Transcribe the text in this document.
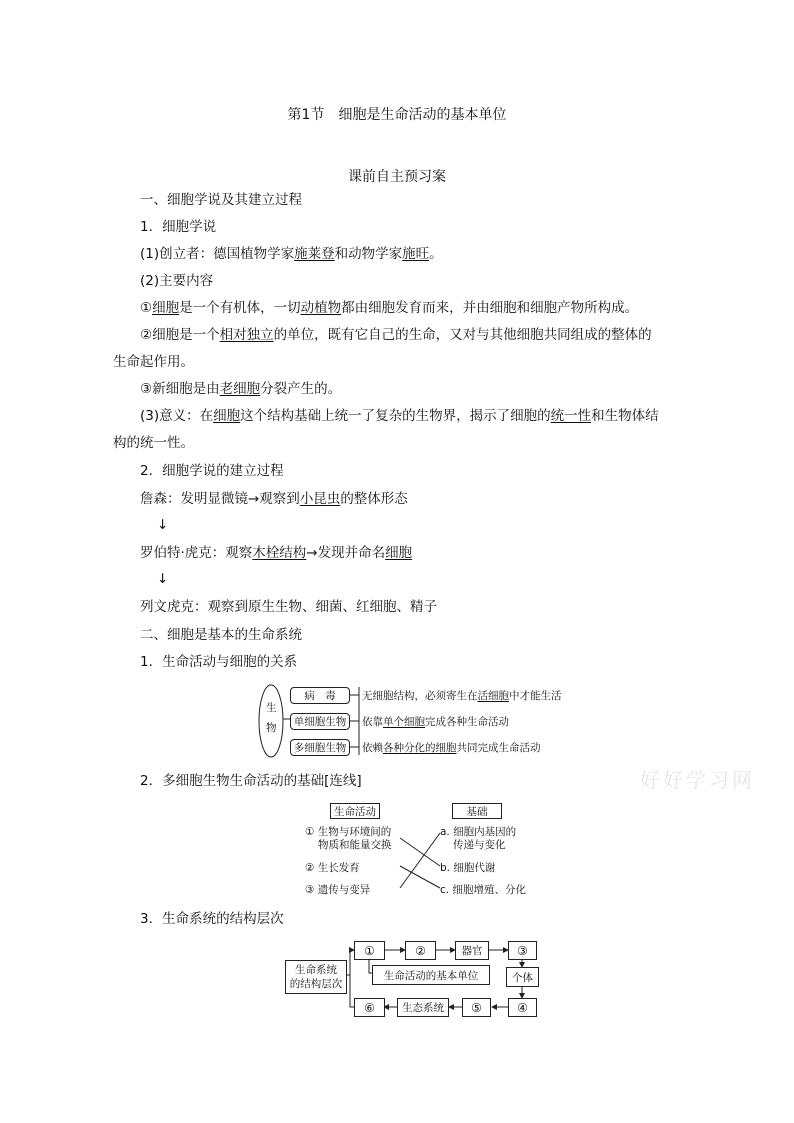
第1节　细胞是生命活动的基本单位
课前自主预习案
一、细胞学说及其建立过程
1．细胞学说
(1)创立者：德国植物学家施莱登和动物学家施旺。
(2)主要内容
①细胞是一个有机体，一切动植物都由细胞发育而来，并由细胞和细胞产物所构成。
②细胞是一个相对独立的单位，既有它自己的生命，又对与其他细胞共同组成的整体的
生命起作用。
③新细胞是由老细胞分裂产生的。
(3)意义：在细胞这个结构基础上统一了复杂的生物界，揭示了细胞的统一性和生物体结
构的统一性。
2．细胞学说的建立过程
詹森：发明显微镜→观察到小昆虫的整体形态
↓
罗伯特·虎克：观察木栓结构→发现并命名细胞
↓
列文虎克：观察到原生生物、细菌、红细胞、精子
二、细胞是基本的生命系统
1．生命活动与细胞的关系
生
物
病　毒
单细胞生物
多细胞生物
无细胞结构，必须寄生在活细胞中才能生活
依靠单个细胞完成各种生命活动
依赖各种分化的细胞共同完成生命活动
2．多细胞生物生命活动的基础[连线]	好好学习网
生命活动	基础
① 生物与环境间的
物质和能量交换
② 生长发育
③ 遗传与变异
a. 细胞内基因的
传递与变化
b. 细胞代谢
c. 细胞增殖、分化
3．生命系统的结构层次
生命系统
的结构层次
①	②	器官	③
个体
④
⑤
生态系统
⑥
生命活动的基本单位
